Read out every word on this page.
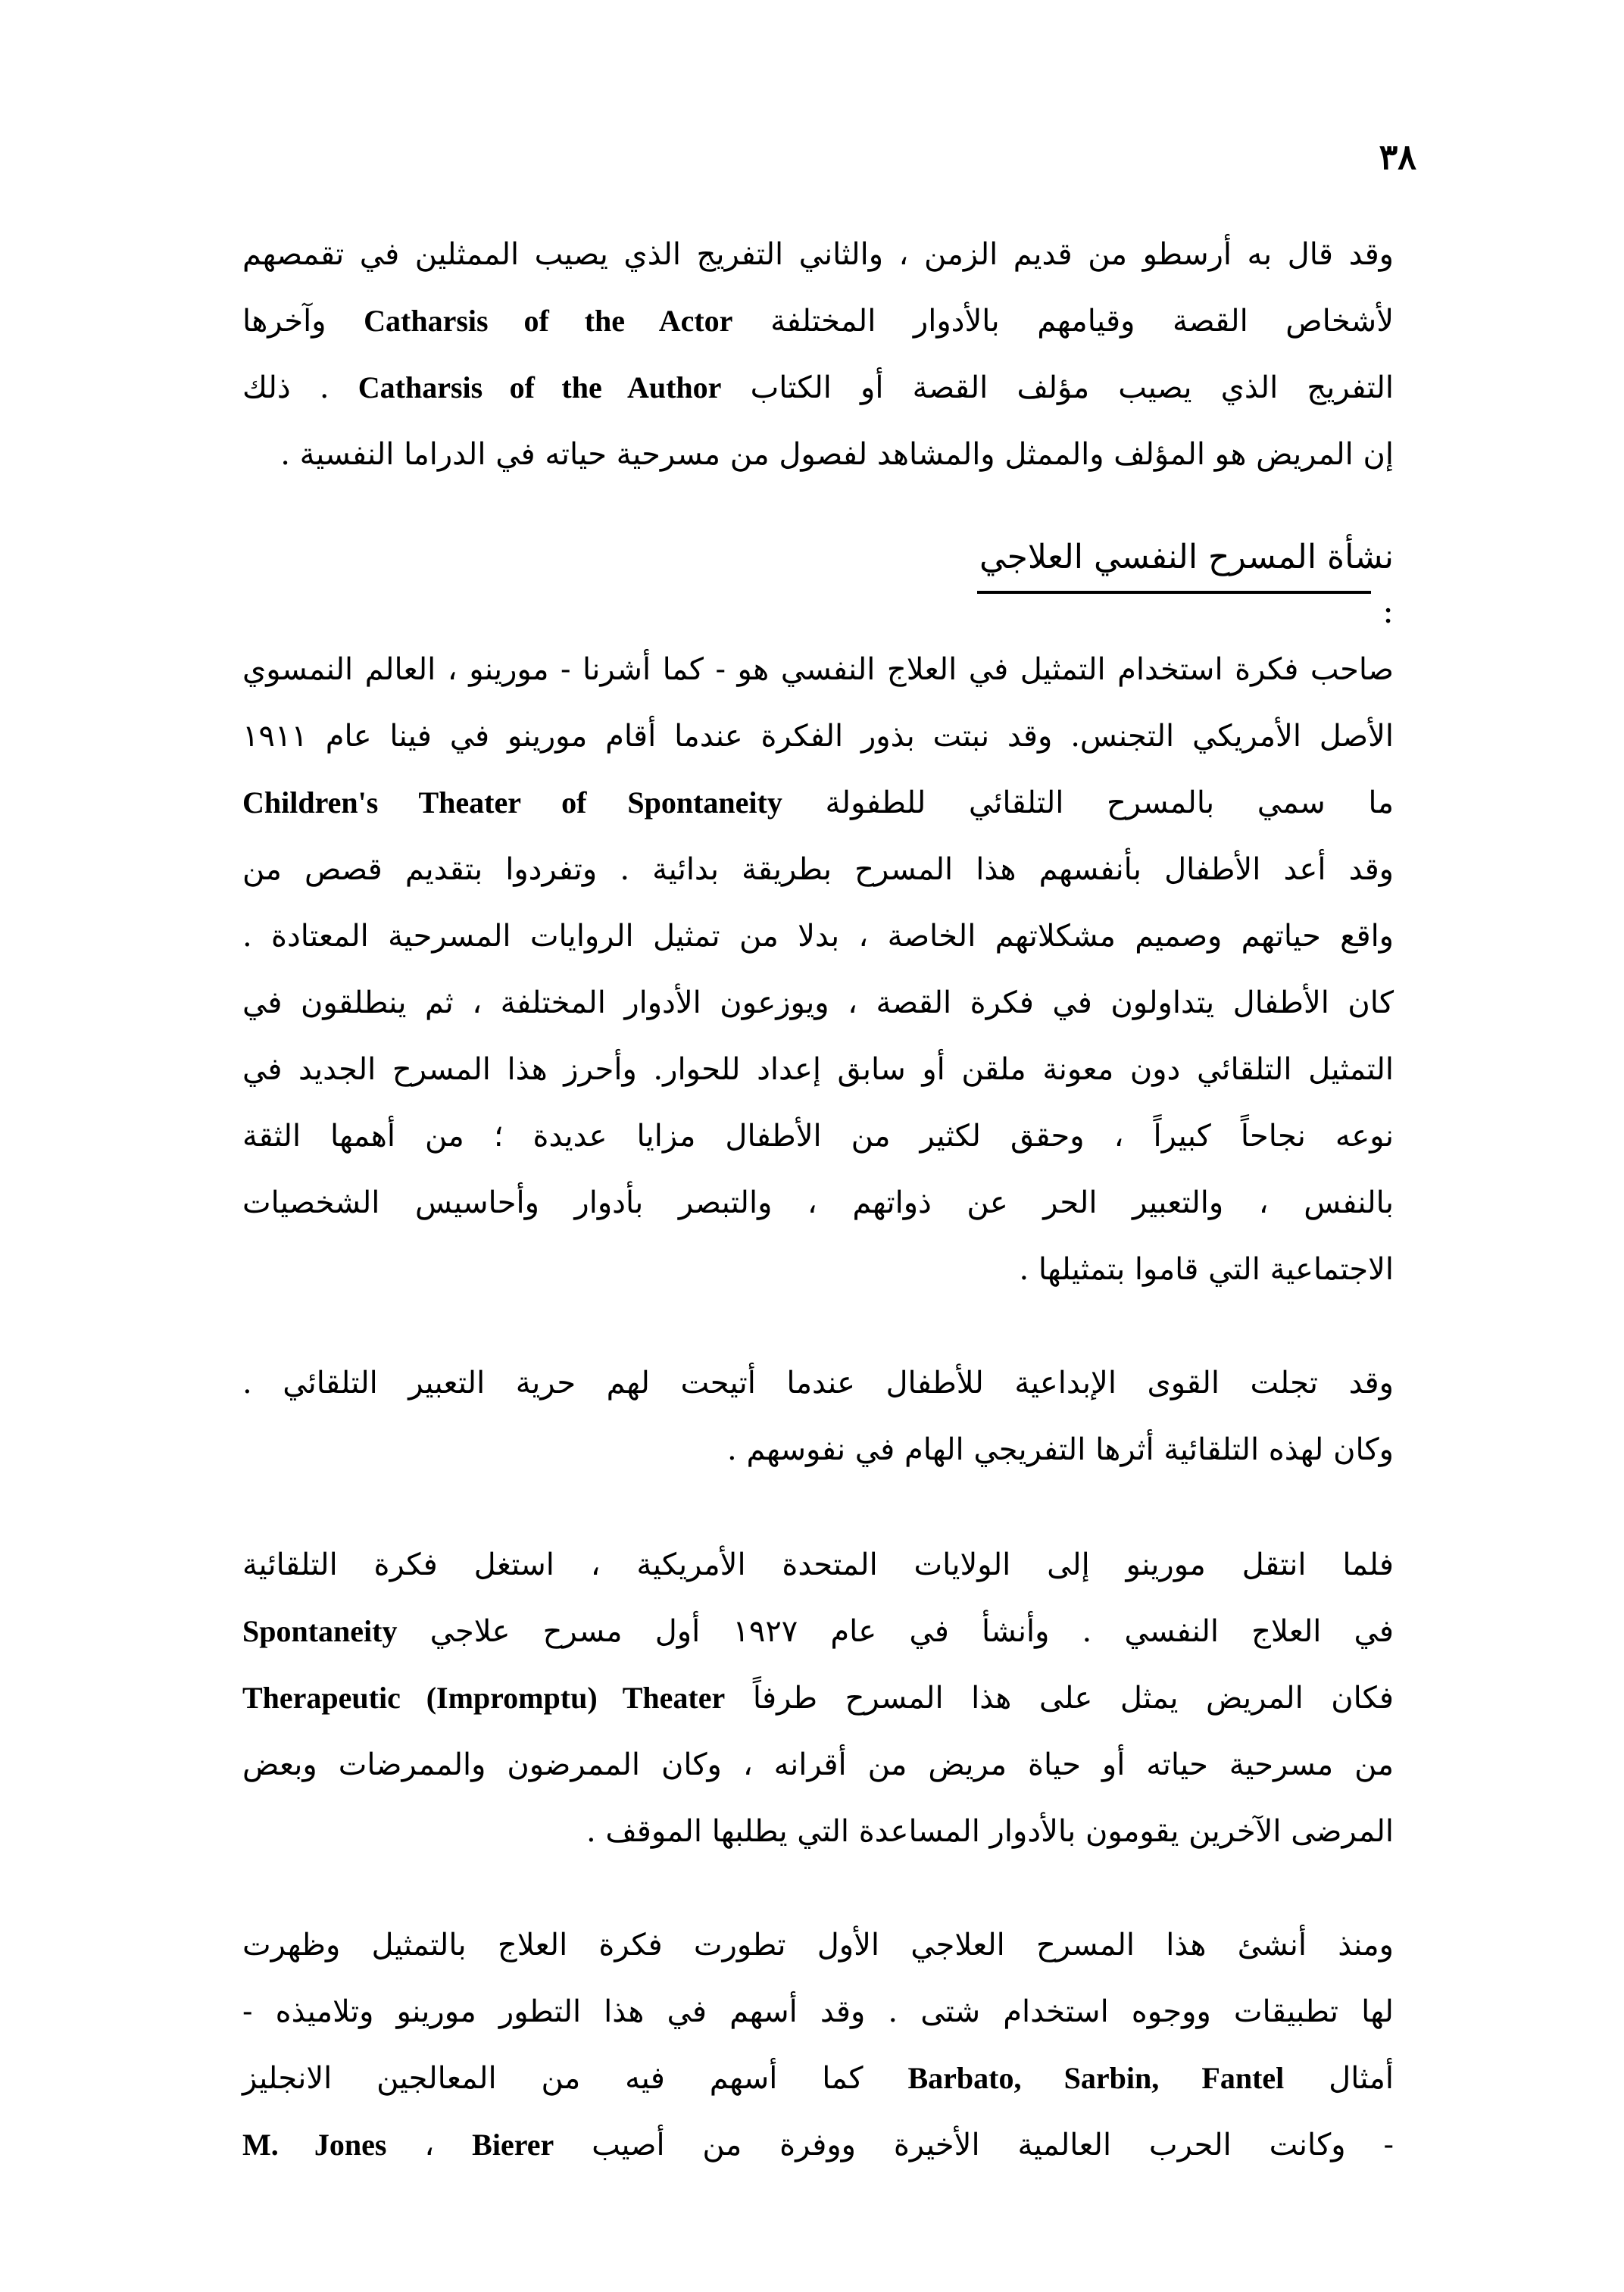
٣٨
وقد قال به أرسطو من قديم الزمن ، والثاني التفريج الذي يصيب الممثلين في تقمصهم
لأشخاص القصة وقيامهم بالأدوار المختلفة Catharsis of the Actor وآخرها
التفريج الذي يصيب مؤلف القصة أو الكتاب Catharsis of the Author . ذلك
إن المريض هو المؤلف والممثل والمشاهد لفصول من مسرحية حياته في الدراما النفسية .
نشأة المسرح النفسي العلاجي :
صاحب فكرة استخدام التمثيل في العلاج النفسي هو - كما أشرنا - مورينو ، العالم النمسوي
الأصل الأمريكي التجنس. وقد نبتت بذور الفكرة عندما أقام مورينو في فينا عام ١٩١١
ما سمي بالمسرح التلقائي للطفولة Children's Theater of Spontaneity
وقد أعد الأطفال بأنفسهم هذا المسرح بطريقة بدائية . وتفردوا بتقديم قصص من
واقع حياتهم وصميم مشكلاتهم الخاصة ، بدلا من تمثيل الروايات المسرحية المعتادة .
كان الأطفال يتداولون في فكرة القصة ، ويوزعون الأدوار المختلفة ، ثم ينطلقون في
التمثيل التلقائي دون معونة ملقن أو سابق إعداد للحوار. وأحرز هذا المسرح الجديد في
نوعه نجاحاً كبيراً ، وحقق لكثير من الأطفال مزايا عديدة ؛ من أهمها الثقة
بالنفس ، والتعبير الحر عن ذواتهم ، والتبصر بأدوار وأحاسيس الشخصيات
الاجتماعية التي قاموا بتمثيلها .
وقد تجلت القوى الإبداعية للأطفال عندما أتيحت لهم حرية التعبير التلقائي .
وكان لهذه التلقائية أثرها التفريجي الهام في نفوسهم .
فلما انتقل مورينو إلى الولايات المتحدة الأمريكية ، استغل فكرة التلقائية
في العلاج النفسي . وأنشأ في عام ١٩٢٧ أول مسرح علاجي Spontaneity
فكان المريض يمثل على هذا المسرح طرفاً Therapeutic (Impromptu) Theater
من مسرحية حياته أو حياة مريض من أقرانه ، وكان الممرضون والممرضات وبعض
المرضى الآخرين يقومون بالأدوار المساعدة التي يطلبها الموقف .
ومنذ أنشئ هذا المسرح العلاجي الأول تطورت فكرة العلاج بالتمثيل وظهرت
لها تطبيقات ووجوه استخدام شتى . وقد أسهم في هذا التطور مورينو وتلاميذه -
أمثال Barbato, Sarbin, Fantel كما أسهم فيه من المعالجين الانجليز
- وكانت الحرب العالمية الأخيرة ووفرة من أصيب Bierer ، M. Jones
